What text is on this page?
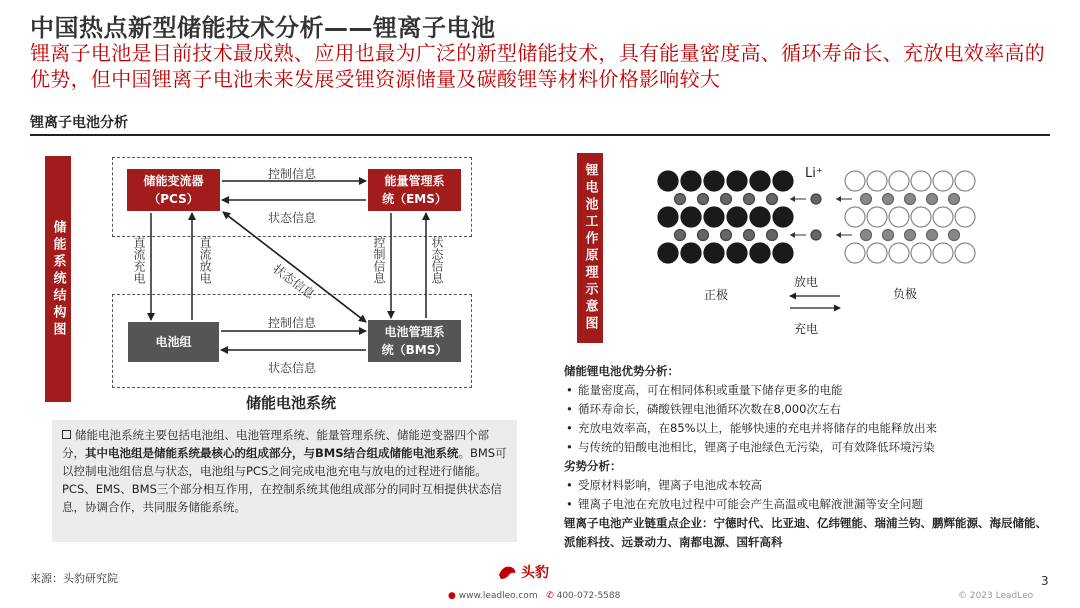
中国热点新型储能技术分析——锂离子电池
锂离子电池是目前技术最成熟、应用也最为广泛的新型储能技术，具有能量密度高、循环寿命长、充放电效率高的优势，但中国锂离子电池未来发展受锂资源储量及碳酸锂等材料价格影响较大
锂离子电池分析
储能系统结构图
储能变流器
（PCS）
能量管理系
统（EMS）
电池组
电池管理系
统（BMS）
控制信息
状态信息
控制信息
状态信息
直流充电	直流放电	控制信息	状态信息
状态信息
储能电池系统
储能电池系统主要包括电池组、电池管理系统、能量管理系统、储能逆变器四个部分，其中电池组是储能系统最核心的组成部分，与BMS结合组成储能电池系统。BMS可以控制电池组信息与状态，电池组与PCS之间完成电池充电与放电的过程进行储能。PCS、EMS、BMS三个部分相互作用，在控制系统其他组成部分的同时互相提供状态信息，协调合作，共同服务储能系统。
锂电池工作原理示意图	Li⁺
正极	负极
放电
充电
储能锂电池优势分析：
• 能量密度高，可在相同体积或重量下储存更多的电能
• 循环寿命长，磷酸铁锂电池循环次数在8,000次左右
• 充放电效率高，在85%以上，能够快速的充电并将储存的电能释放出来
• 与传统的铅酸电池相比，锂离子电池绿色无污染，可有效降低环境污染
劣势分析：
• 受原材料影响，锂离子电池成本较高
• 锂离子电池在充放电过程中可能会产生高温或电解液泄漏等安全问题
锂离子电池产业链重点企业：宁德时代、比亚迪、亿纬锂能、瑞浦兰钧、鹏辉能源、海辰储能、派能科技、远景动力、南都电源、国轩高科
来源：头豹研究院	头豹
● www.leadleo.com ✆ 400-072-5588	© 2023 LeadLeo
3
